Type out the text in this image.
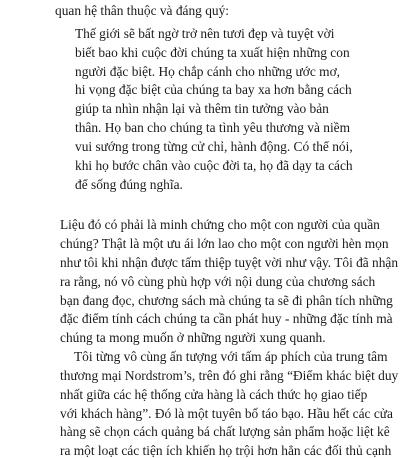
quan hệ thân thuộc và đáng quý:
Thế giới sẽ bất ngờ trở nên tươi đẹp và tuyệt vời
biết bao khi cuộc đời chúng ta xuất hiện những con
người đặc biệt. Họ chắp cánh cho những ước mơ,
hi vọng đặc biệt của chúng ta bay xa hơn bằng cách
giúp ta nhìn nhận lại và thêm tin tưởng vào bản
thân. Họ ban cho chúng ta tình yêu thương và niềm
vui sướng trong từng cử chỉ, hành động. Có thể nói,
khi họ bước chân vào cuộc đời ta, họ đã dạy ta cách
để sống đúng nghĩa.
Liệu đó có phải là minh chứng cho một con người của quần
chúng? Thật là một ưu ái lớn lao cho một con người hèn mọn
như tôi khi nhận được tấm thiệp tuyệt vời như vậy. Tôi đã nhận
ra rằng, nó vô cùng phù hợp với nội dung của chương sách
bạn đang đọc, chương sách mà chúng ta sẽ đi phân tích những
đặc điểm tính cách chúng ta cần phát huy - những đặc tính mà
chúng ta mong muốn ở những người xung quanh.
Tôi từng vô cùng ấn tượng với tấm áp phích của trung tâm
thương mại Nordstrom’s, trên đó ghi rằng “Điểm khác biệt duy
nhất giữa các hệ thống cửa hàng là cách thức họ giao tiếp
với khách hàng”. Đó là một tuyên bố táo bạo. Hầu hết các cửa
hàng sẽ chọn cách quảng bá chất lượng sản phẩm hoặc liệt kê
ra một loạt các tiện ích khiến họ trội hơn hẳn các đối thủ cạnh
